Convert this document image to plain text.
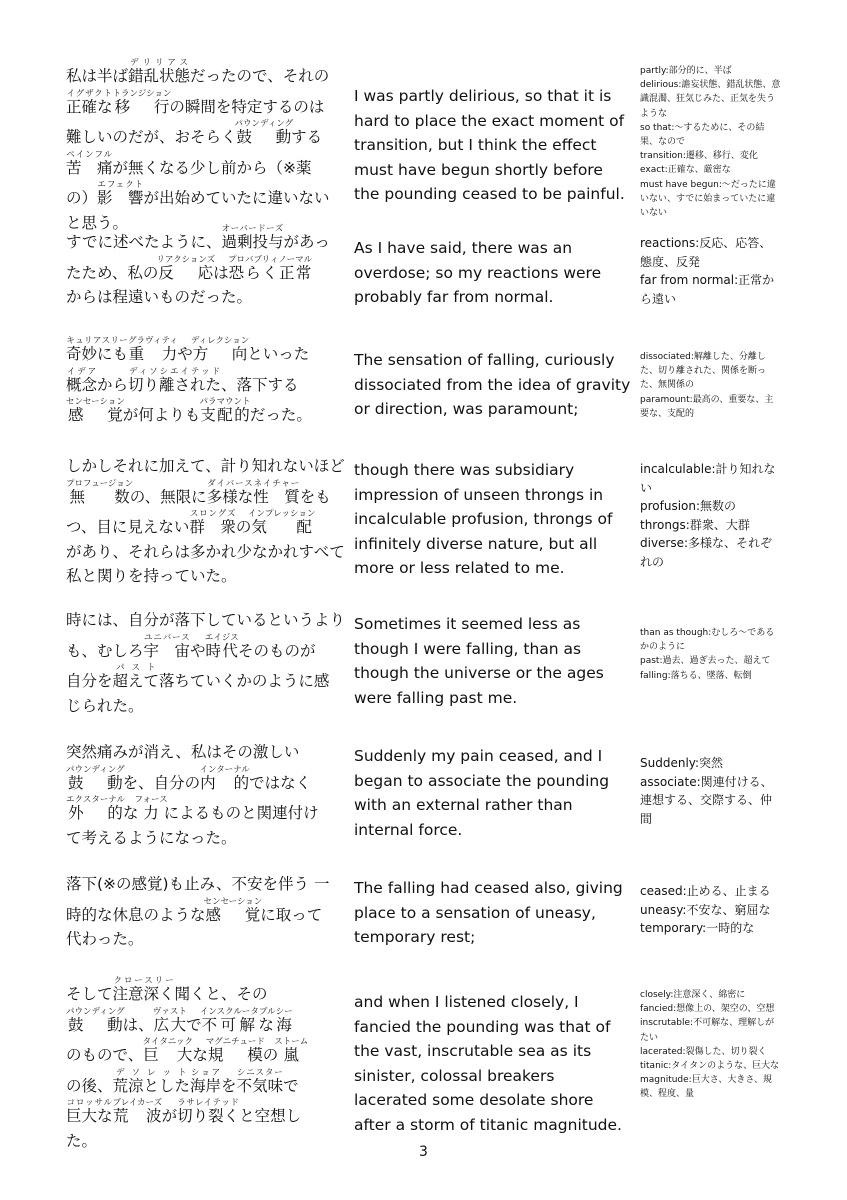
私は半ば錯乱状態デリリアスだったので、それの
正確なイグザクト移　行トランジションの瞬間を特定するのは
難しいのだが、おそらく鼓　動パウンディングする
苦　痛ペインフルが無くなる少し前から（※薬
の）影　響エフェクトが出始めていたに違いない
と思う。
I was partly delirious, so that it is hard to place the exact moment of transition, but I think the effect must have begun shortly before the pounding ceased to be painful.
partly:部分的に、半ば
delirious:譫妄状態、錯乱状態、意識混濁、狂気じみた、正気を失うような
so that:～するために、その結果、なので
transition:遷移、移行、変化
exact:正確な、厳密な
must have begun:～だったに違いない、すでに始まっていたに違いない
すでに述べたように、過剰投与オーバードーズがあっ
たため、私の反　応リアクションズは恐らくプロバブリィ正常ノーマル
からは程遠いものだった。
As I have said, there was an overdose; so my reactions were probably far from normal.
reactions:反応、応答、態度、反発
far from normal:正常から遠い
奇妙にもキュリアスリー重　力グラヴィティや方　向ディレクションといった
概念イデアから切り離されたディソシエイテッド、落下する
感　覚センセーションが何よりも支配的パラマウントだった。
The sensation of falling, curiously dissociated from the idea of gravity or direction, was paramount;
dissociated:解離した、分離した、切り離された、関係を断った、無関係の
paramount:最高の、重要な、主要な、支配的
しかしそれに加えて、計り知れないほど
無　数プロフュージョンの、無限に多様なダイバース性　質ネイチャーをも
つ、目に見えない群　衆スロングズの気　配インプレッション
があり、それらは多かれ少なかれすべて
私と関りを持っていた。
though there was subsidiary impression of unseen throngs in incalculable profusion, throngs of infinitely diverse nature, but all more or less related to me.
incalculable:計り知れない
profusion:無数の
throngs:群衆、大群
diverse:多様な、それぞれの
時には、自分が落下しているというより
も、むしろ宇　宙ユニバースや時代エイジスそのものが
自分を超えてパスト落ちていくかのように感
じられた。
Sometimes it seemed less as though I were falling, than as though the universe or the ages were falling past me.
than as though:むしろ～であるかのように
past:過去、過ぎ去った、超えて
falling:落ちる、墜落、転倒
突然痛みが消え、私はその激しい
鼓　動パウンディングを、自分の内　的インターナルではなく
外　的エクスターナルな力フォースによるものと関連付け
て考えるようになった。
Suddenly my pain ceased, and I began to associate the pounding with an external rather than internal force.
Suddenly:突然
associate:関連付ける、連想する、交際する、仲間
落下(※の感覚)も止み、不安を伴う 一
時的な休息のような感　覚センセーションに取って
代わった。
The falling had ceased also, giving place to a sensation of uneasy, temporary rest;
ceased:止める、止まる
uneasy:不安な、窮屈な
temporary:一時的な
そして注意深くクロースリー聞くと、その
鼓　動パウンディングは、広大ヴァストで不可解なインスクルータブル海シー
のもので、巨　大タイタニックな規　模マグニチュードの嵐ストーム
の後、荒涼としたデソレット海岸ショアを不気味シニスターで
巨大なコロッサル荒　波ブレイカーズが切り裂くラサレイテッドと空想し
た。
and when I listened closely, I fancied the pounding was that of the vast, inscrutable sea as its sinister, colossal breakers lacerated some desolate shore after a storm of titanic magnitude.
closely:注意深く、綿密に
fancied:想像上の、架空の、空想
inscrutable:不可解な、理解しがたい
lacerated:裂傷した、切り裂く
titanic:タイタンのような、巨大な
magnitude:巨大さ、大きさ、規模、程度、量
3
